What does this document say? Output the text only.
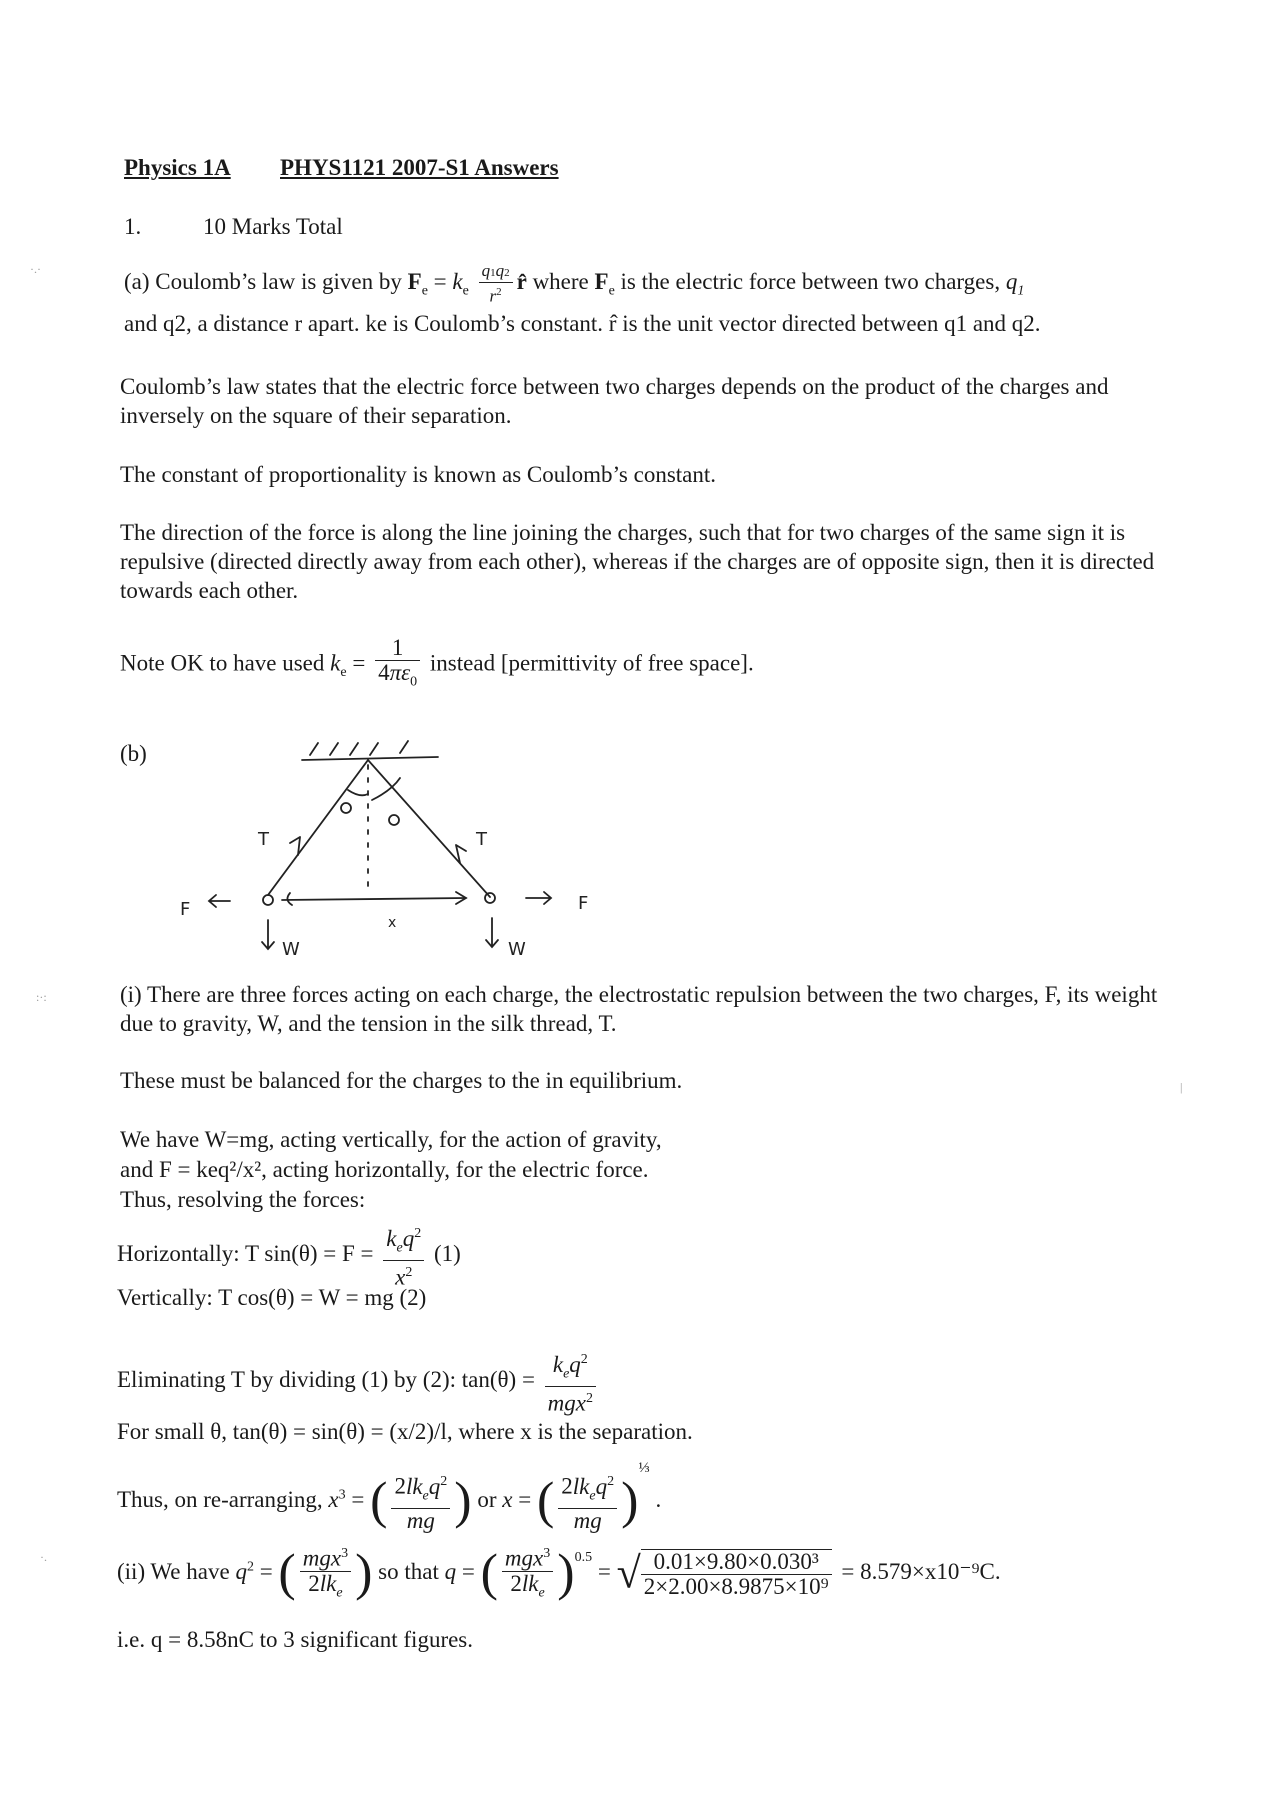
Physics 1A PHYS1121 2007-S1 Answers
1.	10 Marks Total
(a) Coulomb’s law is given by $F_e = k_e \frac{q1q2}{r^2}$ r̂ where $F_e$ is the electric force between two charges, $q_1$
and q2, a distance r apart. ke is Coulomb’s constant. r̂ is the unit vector directed between q1 and q2.
Coulomb’s law states that the electric force between two charges depends on the product of the charges and inversely on the square of their separation.
The constant of proportionality is known as Coulomb’s constant.
The direction of the force is along the line joining the charges, such that for two charges of the same sign it is repulsive (directed directly away from each other), whereas if the charges are of opposite sign, then it is directed towards each other.
Note OK to have used $k_e = \frac{1}{4\pi\varepsilon_0}$ instead [permittivity of free space].
(b)
T	T
F	F
W	W
x
(i) There are three forces acting on each charge, the electrostatic repulsion between the two charges, F, its weight due to gravity, W, and the tension in the silk thread, T.
These must be balanced for the charges to the in equilibrium.
We have W=mg, acting vertically, for the action of gravity,
and F = keq²/x², acting horizontally, for the electric force.
Thus, resolving the forces:
Horizontally: T $\sin(\theta) = F = \frac{k_eq^2}{x^2} (1)$
Vertically: T cos(θ) = W = mg (2)
Eliminating T by dividing (1) by (2): $\tan(\theta) = \frac{k_eq^2}{mgx^2}$
For small θ, tan(θ) = sin(θ) = (x/2)/l, where x is the separation.
Thus, on re-arranging, $x^3$ = ( $\frac{2lk_eq^2}{mg}$ ) or x = ( $\frac{2lk_eq^2}{mg} )^{\frac{1}{3}}$ .
(ii) We have $q^2$ = ( $\frac{mgx^3}{2lk_e}$ ) so that q = ( $\frac{mgx^3}{2lk_e} )^{0.5}$ = √ $\frac{\text{0.01×9.80×0.030³}}{\text{2×2.00×8.9875×10⁹}} = 8.579\times x10^{-9}C$.
i.e. q = 8.58nC to 3 significant figures.
·.·
:·:
·.
|
